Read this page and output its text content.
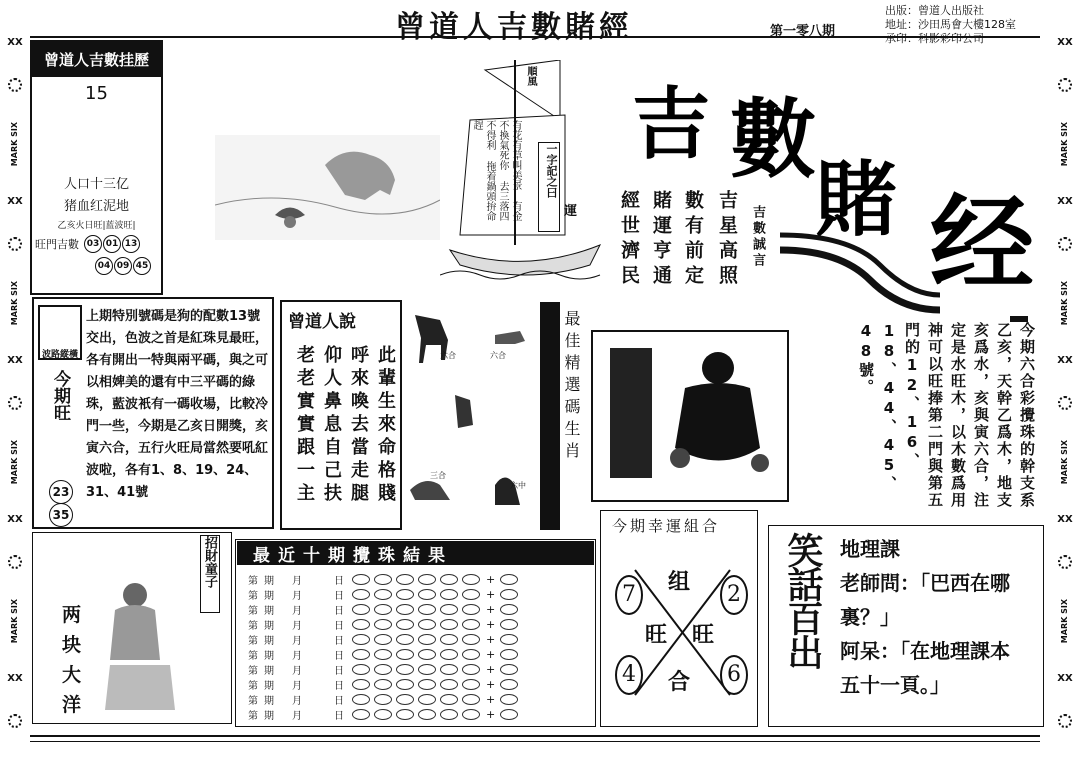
XX
MARK SIX
XX
MARK SIX
XX
MARK SIX
XX
MARK SIX
XX
XX
MARK SIX
XX
MARK SIX
XX
MARK SIX
XX
MARK SIX
XX
曾道人吉數賭經	第一零八期
出版：曾道人出版社
地址：沙田馬會大樓128室
承印：科影彩印公司
曾道人吉數挂歷
15
人口十三亿
猪血红泥地
乙亥火日旺|蓝波旺|
旺門吉數 03 01 13
04 09 45
順風
有花有草叫美景 有金不換氣死你 去三落四不得利 拖着鍋頭拚命趕
一字記之曰
運
吉 數
賭 经
吉數誠言
吉星高照
數有前定
賭運亨通
經世濟民
波路縱橫
今期旺
上期特別號碼是狗的配數13號交出，色波之首是紅珠見最旺，各有開出一特與兩平碼，與之可以相婢美的還有中三平碼的綠珠，藍波衹有一碼收場，比較冷門一些，今期是乙亥日開獎，亥寅六合，五行火旺局當然要吼紅波啦，各有1、8、19、24、31、41號
23
35
曾道人說
此輩生來命格賤
呼來喚去當走腿
仰人鼻息自己扶
老老實實跟一主	六合	六合
三合
六中
最佳精選碼生肖	今期六合彩攪珠的幹支系乙亥，天幹乙爲木，地支亥爲水，亥與寅六合，注定是水旺木，以木數爲用神可以旺捧第二門與第五門的12、16、18、44、45、48號。
招財童子
两块大洋
最近十期攪珠結果
第期	月	日	+
第期	月	日	+
第期	月	日	+
第期	月	日	+
第期	月	日	+
第期	月	日	+
第期	月	日	+
第期	月	日	+
第期	月	日	+
第期	月	日	+
今期幸運組合
7	2
4	6
组
旺 旺
合
笑話百出 地理課
老師問：「巴西在哪
裏？」
阿呆：「在地理課本
五十一頁。」
